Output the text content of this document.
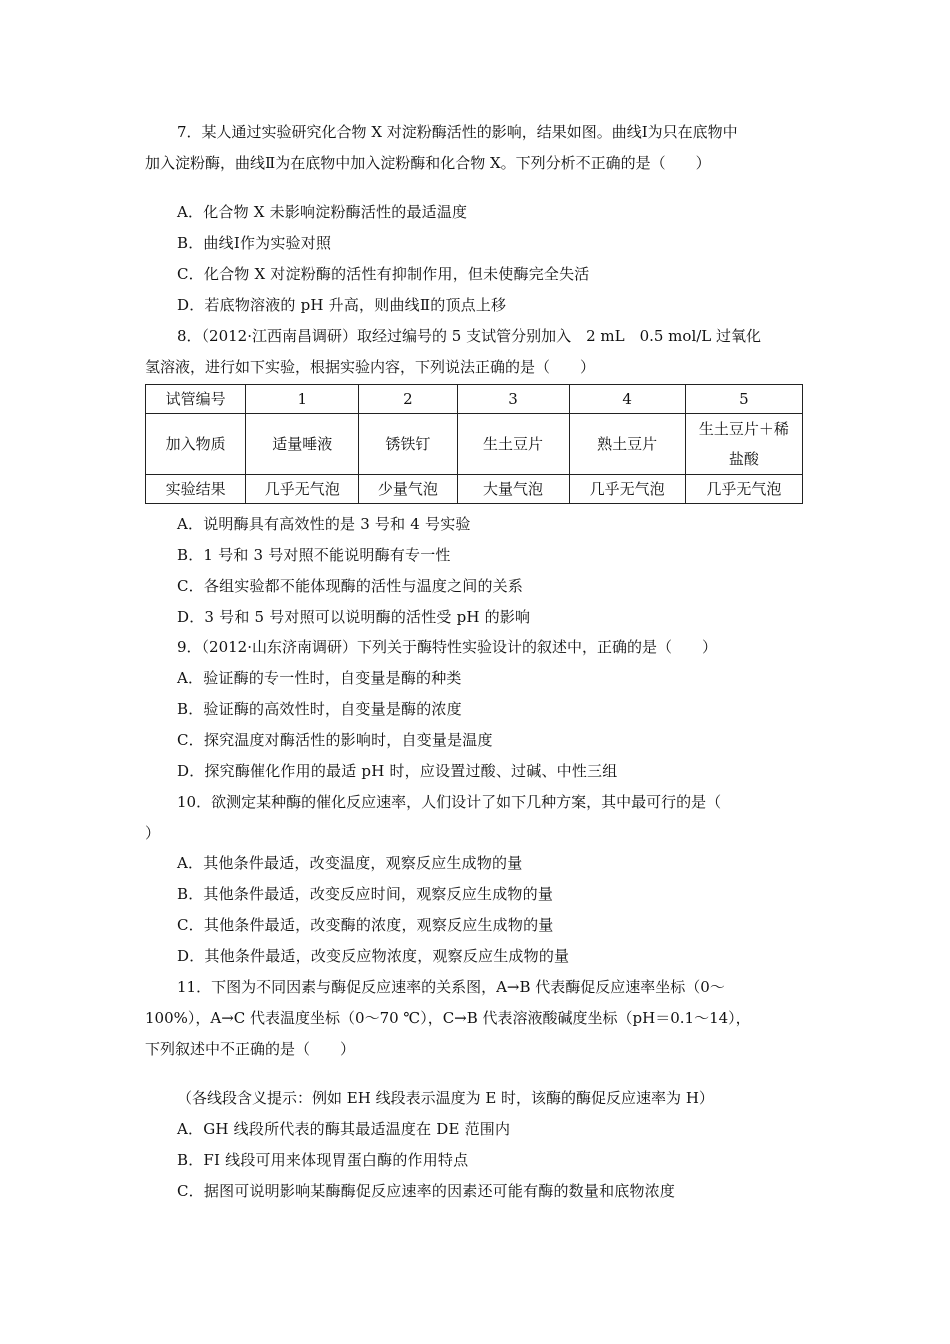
7．某人通过实验研究化合物 X 对淀粉酶活性的影响，结果如图。曲线Ⅰ为只在底物中
加入淀粉酶，曲线Ⅱ为在底物中加入淀粉酶和化合物 X。下列分析不正确的是（　　）
A．化合物 X 未影响淀粉酶活性的最适温度
B．曲线Ⅰ作为实验对照
C．化合物 X 对淀粉酶的活性有抑制作用，但未使酶完全失活
D．若底物溶液的 pH 升高，则曲线Ⅱ的顶点上移
8．（2012·江西南昌调研）取经过编号的 5 支试管分别加入　2 mL　0.5 mol/L 过氧化
氢溶液，进行如下实验，根据实验内容，下列说法正确的是（　　）
试管编号	1	2	3	4	5
加入物质	适量唾液	锈铁钉	生土豆片	熟土豆片	生土豆片＋稀盐酸
实验结果	几乎无气泡	少量气泡	大量气泡	几乎无气泡	几乎无气泡
A．说明酶具有高效性的是 3 号和 4 号实验
B．1 号和 3 号对照不能说明酶有专一性
C．各组实验都不能体现酶的活性与温度之间的关系
D．3 号和 5 号对照可以说明酶的活性受 pH 的影响
9．（2012·山东济南调研）下列关于酶特性实验设计的叙述中，正确的是（　　）
A．验证酶的专一性时，自变量是酶的种类
B．验证酶的高效性时，自变量是酶的浓度
C．探究温度对酶活性的影响时，自变量是温度
D．探究酶催化作用的最适 pH 时，应设置过酸、过碱、中性三组
10．欲测定某种酶的催化反应速率，人们设计了如下几种方案，其中最可行的是（
）
A．其他条件最适，改变温度，观察反应生成物的量
B．其他条件最适，改变反应时间，观察反应生成物的量
C．其他条件最适，改变酶的浓度，观察反应生成物的量
D．其他条件最适，改变反应物浓度，观察反应生成物的量
11．下图为不同因素与酶促反应速率的关系图，A→B 代表酶促反应速率坐标（0～
100%），A→C 代表温度坐标（0～70 ℃），C→B 代表溶液酸碱度坐标（pH＝0.1～14），
下列叙述中不正确的是（　　）
（各线段含义提示：例如 EH 线段表示温度为 E 时，该酶的酶促反应速率为 H）
A．GH 线段所代表的酶其最适温度在 DE 范围内
B．FI 线段可用来体现胃蛋白酶的作用特点
C．据图可说明影响某酶酶促反应速率的因素还可能有酶的数量和底物浓度
